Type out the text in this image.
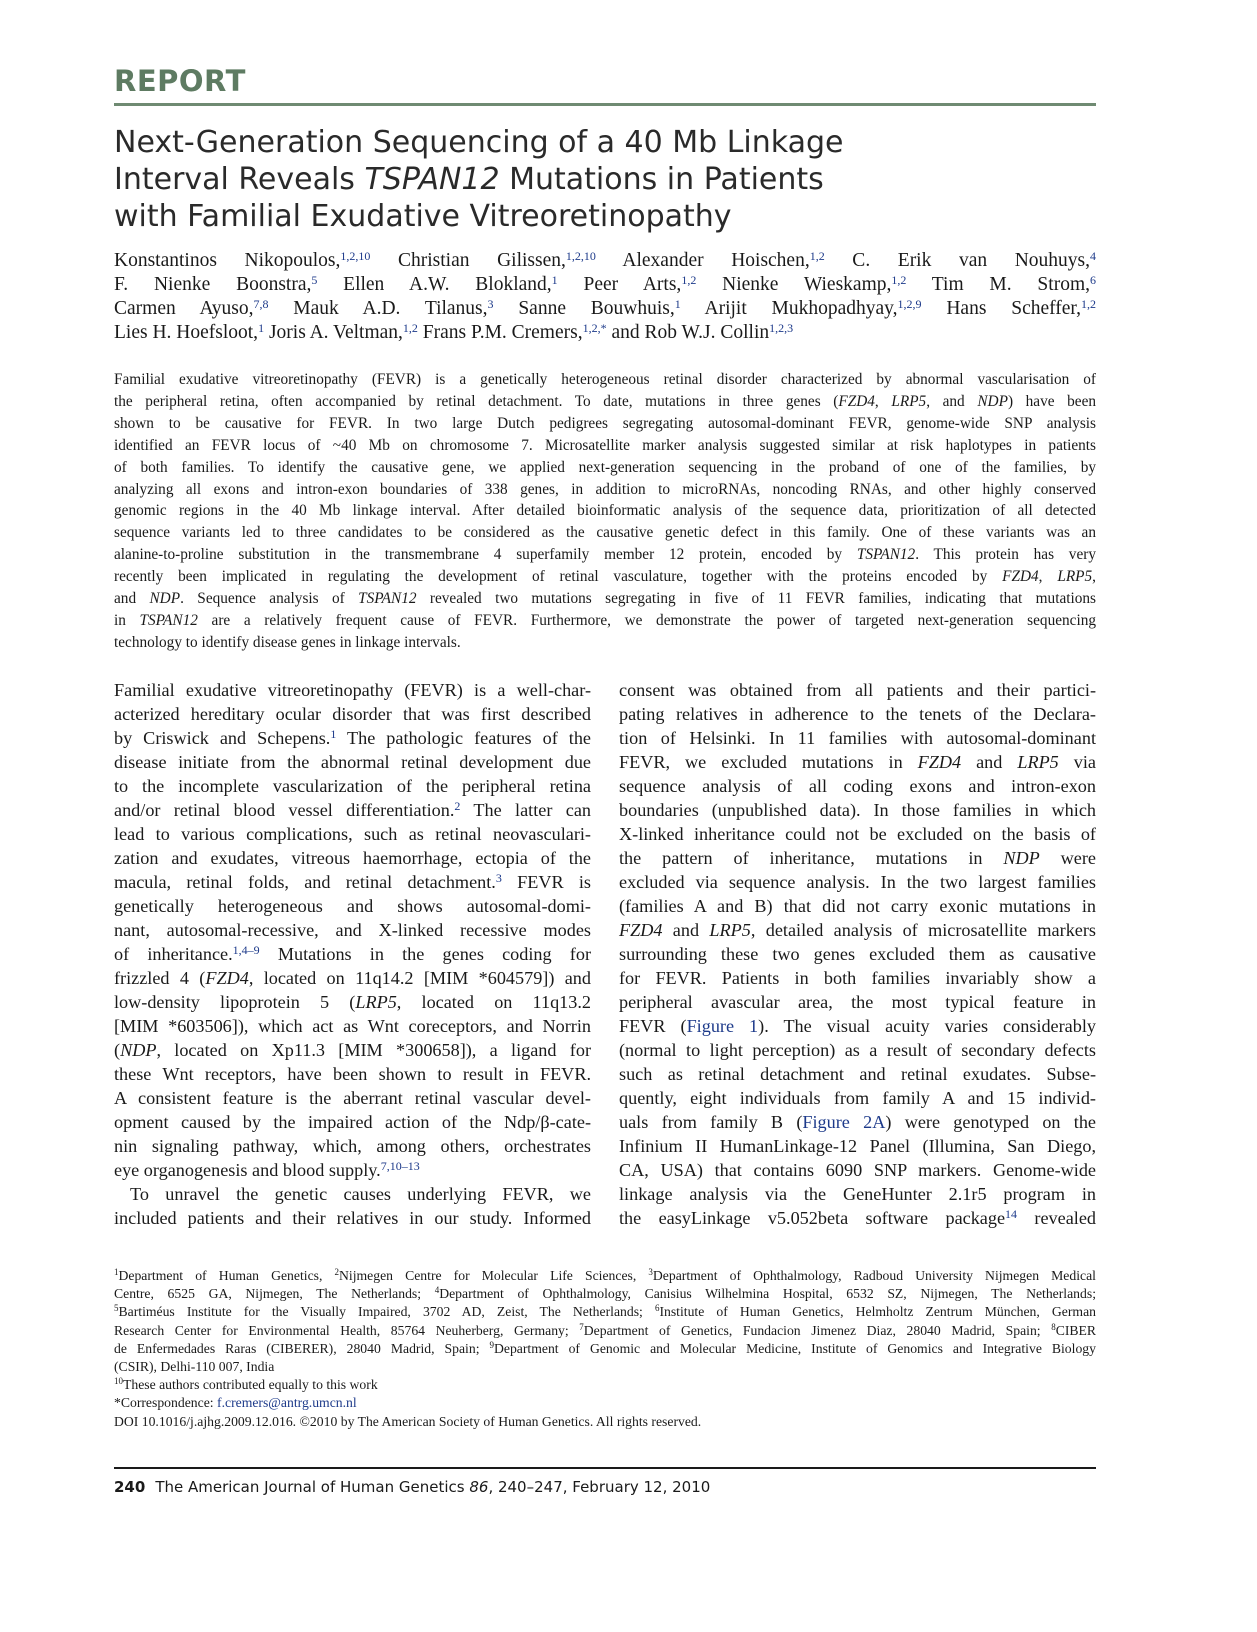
REPORT
Next-Generation Sequencing of a 40 Mb Linkage
Interval Reveals TSPAN12 Mutations in Patients
with Familial Exudative Vitreoretinopathy
Konstantinos Nikopoulos,$^{1,2,10}$ Christian Gilissen,$^{1,2,10}$ Alexander Hoischen,$^{1,2}$ C. Erik van Nouhuys,$^4$
F. Nienke Boonstra,$^5$ Ellen A.W. Blokland,$^1$ Peer Arts,$^{1,2}$ Nienke Wieskamp,$^{1,2}$ Tim M. Strom,$^6$
Carmen Ayuso,$^{7,8}$ Mauk A.D. Tilanus,$^3$ Sanne Bouwhuis,$^1$ Arijit Mukhopadhyay,$^{1,2,9}$ Hans Scheffer,$^{1,2}$
Lies H. Hoefsloot,$^1$ Joris A. Veltman,$^{1,2}$ Frans P.M. Cremers,$^{1,2,*}$ and Rob W.J. Collin$^{1,2,3}$
Familial exudative vitreoretinopathy (FEVR) is a genetically heterogeneous retinal disorder characterized by abnormal vascularisation of
the peripheral retina, often accompanied by retinal detachment. To date, mutations in three genes (FZD4, LRP5, and NDP) have been
shown to be causative for FEVR. In two large Dutch pedigrees segregating autosomal-dominant FEVR, genome-wide SNP analysis
identified an FEVR locus of ~40 Mb on chromosome 7. Microsatellite marker analysis suggested similar at risk haplotypes in patients
of both families. To identify the causative gene, we applied next-generation sequencing in the proband of one of the families, by
analyzing all exons and intron-exon boundaries of 338 genes, in addition to microRNAs, noncoding RNAs, and other highly conserved
genomic regions in the 40 Mb linkage interval. After detailed bioinformatic analysis of the sequence data, prioritization of all detected
sequence variants led to three candidates to be considered as the causative genetic defect in this family. One of these variants was an
alanine-to-proline substitution in the transmembrane 4 superfamily member 12 protein, encoded by TSPAN12. This protein has very
recently been implicated in regulating the development of retinal vasculature, together with the proteins encoded by FZD4, LRP5,
and NDP. Sequence analysis of TSPAN12 revealed two mutations segregating in five of 11 FEVR families, indicating that mutations
in TSPAN12 are a relatively frequent cause of FEVR. Furthermore, we demonstrate the power of targeted next-generation sequencing
technology to identify disease genes in linkage intervals.
Familial exudative vitreoretinopathy (FEVR) is a well-char-
acterized hereditary ocular disorder that was first described
by Criswick and Schepens.$^1$ The pathologic features of the
disease initiate from the abnormal retinal development due
to the incomplete vascularization of the peripheral retina
and/or retinal blood vessel differentiation.$^2$ The latter can
lead to various complications, such as retinal neovasculari-
zation and exudates, vitreous haemorrhage, ectopia of the
macula, retinal folds, and retinal detachment.$^3$ FEVR is
genetically heterogeneous and shows autosomal-domi-
nant, autosomal-recessive, and X-linked recessive modes
of inheritance.$^{1,4-9}$ Mutations in the genes coding for
frizzled 4 (FZD4, located on 11q14.2 [MIM *604579]) and
low-density lipoprotein 5 (LRP5, located on 11q13.2
[MIM *603506]), which act as Wnt coreceptors, and Norrin
(NDP, located on Xp11.3 [MIM *300658]), a ligand for
these Wnt receptors, have been shown to result in FEVR.
A consistent feature is the aberrant retinal vascular devel-
opment caused by the impaired action of the Ndp/β-cate-
nin signaling pathway, which, among others, orchestrates
eye organogenesis and blood supply.$^{7,10-13}$
To unravel the genetic causes underlying FEVR, we
included patients and their relatives in our study. Informed
consent was obtained from all patients and their partici-
pating relatives in adherence to the tenets of the Declara-
tion of Helsinki. In 11 families with autosomal-dominant
FEVR, we excluded mutations in FZD4 and LRP5 via
sequence analysis of all coding exons and intron-exon
boundaries (unpublished data). In those families in which
X-linked inheritance could not be excluded on the basis of
the pattern of inheritance, mutations in NDP were
excluded via sequence analysis. In the two largest families
(families A and B) that did not carry exonic mutations in
FZD4 and LRP5, detailed analysis of microsatellite markers
surrounding these two genes excluded them as causative
for FEVR. Patients in both families invariably show a
peripheral avascular area, the most typical feature in
FEVR (Figure 1). The visual acuity varies considerably
(normal to light perception) as a result of secondary defects
such as retinal detachment and retinal exudates. Subse-
quently, eight individuals from family A and 15 individ-
uals from family B (Figure 2A) were genotyped on the
Infinium II HumanLinkage-12 Panel (Illumina, San Diego,
CA, USA) that contains 6090 SNP markers. Genome-wide
linkage analysis via the GeneHunter 2.1r5 program in
the easyLinkage v5.052beta software package$^{14}$ revealed
$^1$Department of Human Genetics, $^2$Nijmegen Centre for Molecular Life Sciences, $^3$Department of Ophthalmology, Radboud University Nijmegen Medical
Centre, 6525 GA, Nijmegen, The Netherlands; $^4$Department of Ophthalmology, Canisius Wilhelmina Hospital, 6532 SZ, Nijmegen, The Netherlands;
$^5$Bartiméus Institute for the Visually Impaired, 3702 AD, Zeist, The Netherlands; $^6$Institute of Human Genetics, Helmholtz Zentrum München, German
Research Center for Environmental Health, 85764 Neuherberg, Germany; $^7$Department of Genetics, Fundacion Jimenez Diaz, 28040 Madrid, Spain; $^8$CIBER
de Enfermedades Raras (CIBERER), 28040 Madrid, Spain; $^9$Department of Genomic and Molecular Medicine, Institute of Genomics and Integrative Biology
(CSIR), Delhi-110 007, India
$^{10}$These authors contributed equally to this work
*Correspondence: f.cremers@antrg.umcn.nl
DOI 10.1016/j.ajhg.2009.12.016. ©2010 by The American Society of Human Genetics. All rights reserved.
240 The American Journal of Human Genetics 86, 240–247, February 12, 2010
